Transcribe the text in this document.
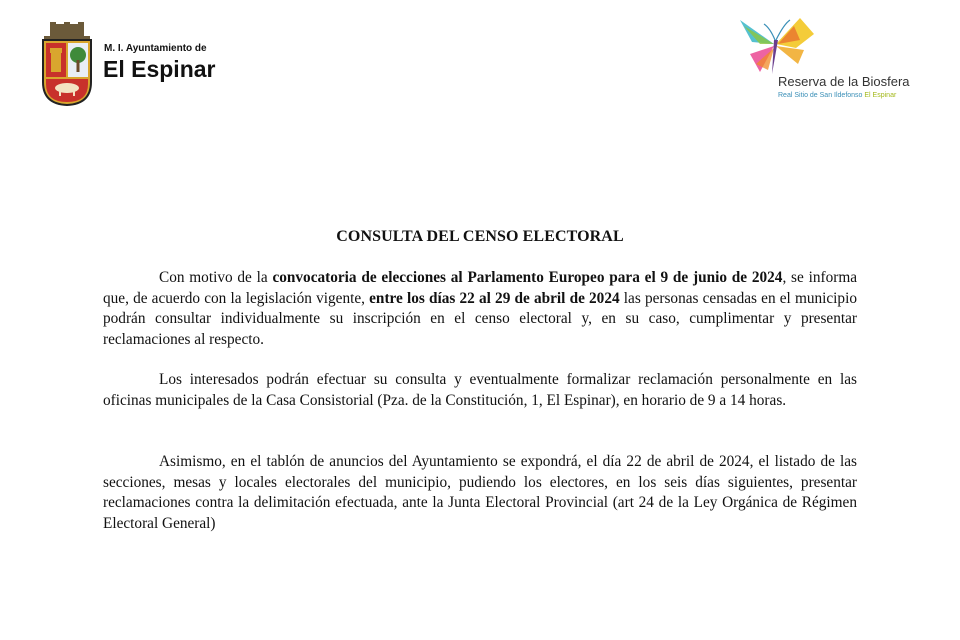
M. I. Ayuntamiento de
El Espinar	Reserva de la Biosfera
Real Sitio de San Ildefonso El Espinar
CONSULTA DEL CENSO ELECTORAL

Con motivo de la convocatoria de elecciones al Parlamento Europeo para el 9 de junio de 2024, se informa que, de acuerdo con la legislación vigente, entre los días 22 al 29 de abril de 2024 las personas censadas en el municipio podrán consultar individualmente su inscripción en el censo electoral y, en su caso, cumplimentar y presentar reclamaciones al respecto.

Los interesados podrán efectuar su consulta y eventualmente formalizar reclamación personalmente en las oficinas municipales de la Casa Consistorial (Pza. de la Constitución, 1, El Espinar), en horario de 9 a 14 horas.

Asimismo, en el tablón de anuncios del Ayuntamiento se expondrá, el día 22 de abril de 2024, el listado de las secciones, mesas y locales electorales del municipio, pudiendo los electores, en los seis días siguientes, presentar reclamaciones contra la delimitación efectuada, ante la Junta Electoral Provincial (art 24 de la Ley Orgánica de Régimen Electoral General)
